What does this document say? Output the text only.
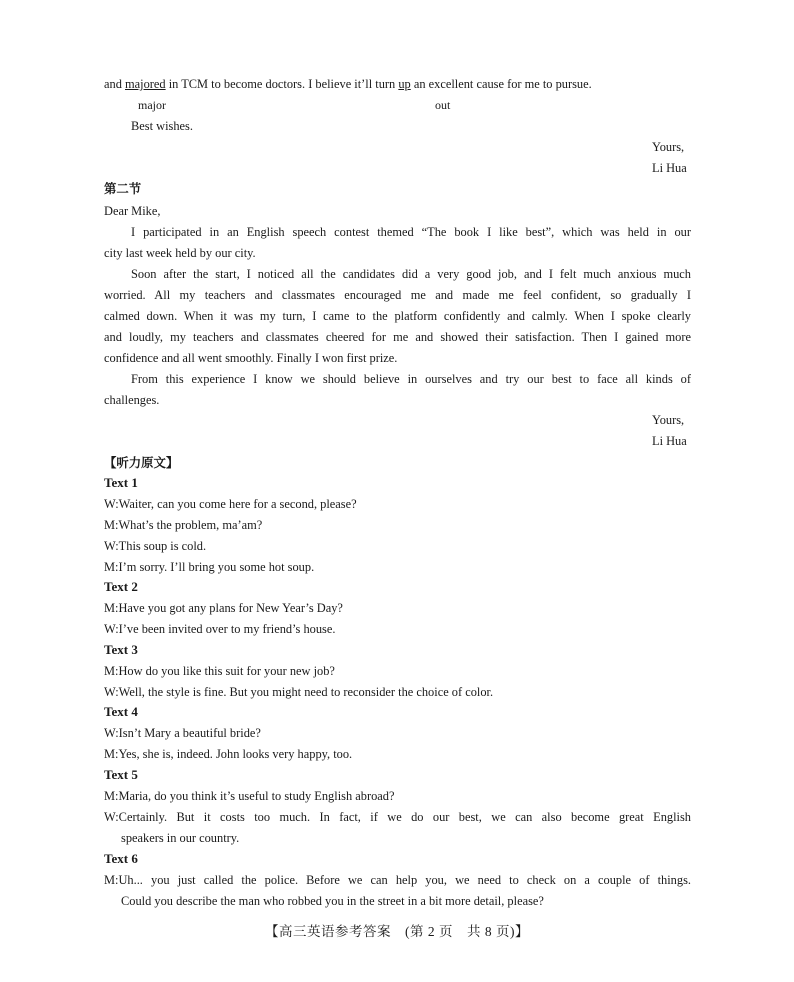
and majored in TCM to become doctors. I believe it’ll turn up an excellent cause for me to pursue.
major	out
Best wishes.
Yours,
Li Hua
第二节
Dear Mike,
I participated in an English speech contest themed “The book I like best”, which was held in our
city last week held by our city.
Soon after the start, I noticed all the candidates did a very good job, and I felt much anxious much
worried. All my teachers and classmates encouraged me and made me feel confident, so gradually I
calmed down. When it was my turn, I came to the platform confidently and calmly. When I spoke clearly
and loudly, my teachers and classmates cheered for me and showed their satisfaction. Then I gained more
confidence and all went smoothly. Finally I won first prize.
From this experience I know we should believe in ourselves and try our best to face all kinds of
challenges.
Yours,
Li Hua
【听力原文】
Text 1
W:Waiter, can you come here for a second, please?
M:What’s the problem, ma’am?
W:This soup is cold.
M:I’m sorry. I’ll bring you some hot soup.
Text 2
M:Have you got any plans for New Year’s Day?
W:I’ve been invited over to my friend’s house.
Text 3
M:How do you like this suit for your new job?
W:Well, the style is fine. But you might need to reconsider the choice of color.
Text 4
W:Isn’t Mary a beautiful bride?
M:Yes, she is, indeed. John looks very happy, too.
Text 5
M:Maria, do you think it’s useful to study English abroad?
W:Certainly. But it costs too much. In fact, if we do our best, we can also become great English
speakers in our country.
Text 6
M:Uh... you just called the police. Before we can help you, we need to check on a couple of things.
Could you describe the man who robbed you in the street in a bit more detail, please?
【高三英语参考答案　(第 2 页　共 8 页)】
